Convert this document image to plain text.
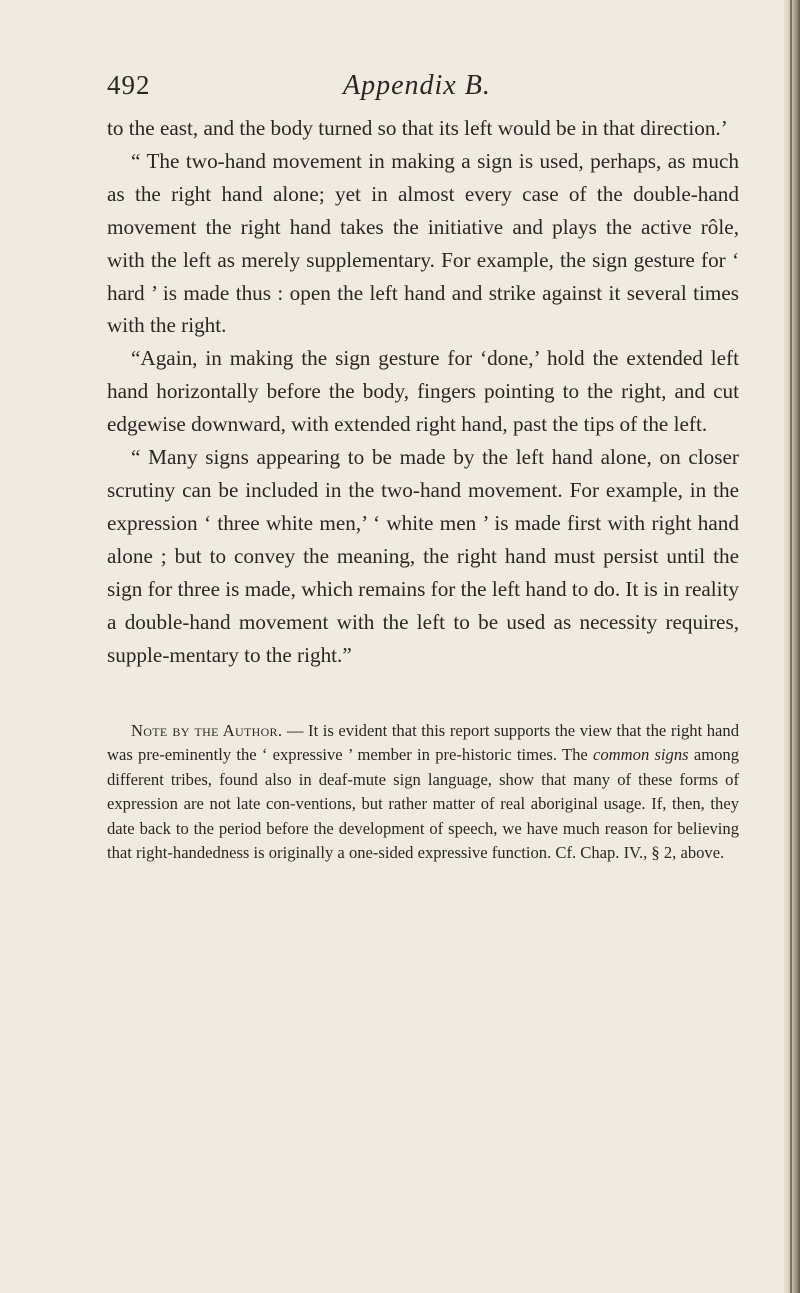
492	Appendix B.

to the east, and the body turned so that its left would be in that direction.’

“ The two-hand movement in making a sign is used, perhaps, as much as the right hand alone; yet in almost every case of the double-hand movement the right hand takes the initiative and plays the active rôle, with the left as merely supplementary. For example, the sign gesture for ‘ hard ’ is made thus : open the left hand and strike against it several times with the right.

“Again, in making the sign gesture for ‘done,’ hold the extended left hand horizontally before the body, fingers pointing to the right, and cut edgewise downward, with extended right hand, past the tips of the left.

“ Many signs appearing to be made by the left hand alone, on closer scrutiny can be included in the two-hand movement. For example, in the expression ‘ three white men,’ ‘ white men ’ is made first with right hand alone ; but to convey the meaning, the right hand must persist until the sign for three is made, which remains for the left hand to do. It is in reality a double-hand movement with the left to be used as necessity requires, supple-mentary to the right.”

Note by the Author. — It is evident that this report supports the view that the right hand was pre-eminently the ‘ expressive ’ member in pre-historic times. The common signs among different tribes, found also in deaf-mute sign language, show that many of these forms of expression are not late con-ventions, but rather matter of real aboriginal usage. If, then, they date back to the period before the development of speech, we have much reason for believing that right-handedness is originally a one-sided expressive function. Cf. Chap. IV., § 2, above.
